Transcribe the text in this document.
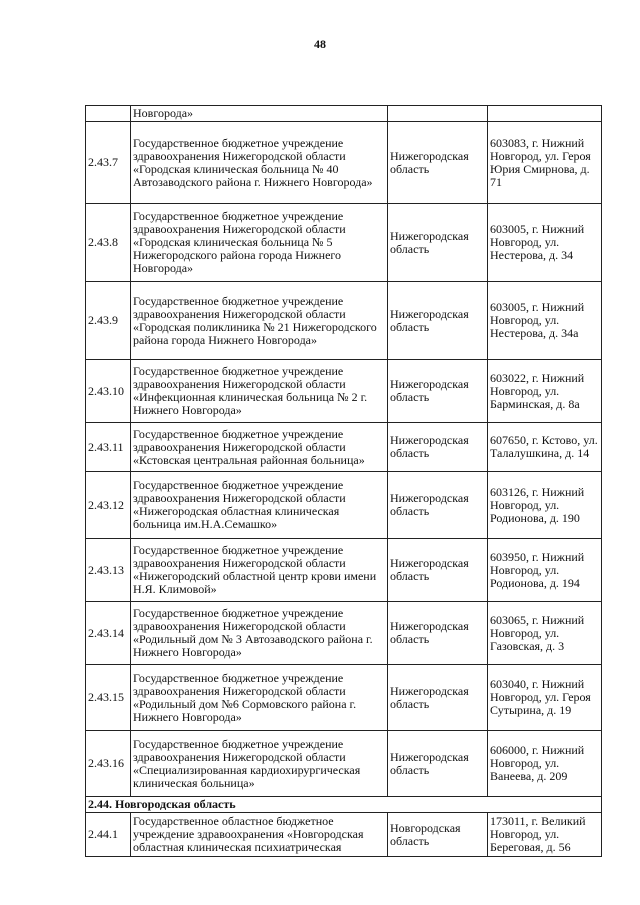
48
	Новгорода»		
2.43.7	Государственное бюджетное учреждение здравоохранения Нижегородской области «Городская клиническая больница № 40 Автозаводского района г. Нижнего Новгорода»	Нижегородская область	603083, г. Нижний Новгород, ул. Героя Юрия Смирнова, д. 71
2.43.8	Государственное бюджетное учреждение здравоохранения Нижегородской области «Городская клиническая больница № 5 Нижегородского района города Нижнего Новгорода»	Нижегородская область	603005, г. Нижний Новгород, ул. Нестерова, д. 34
2.43.9	Государственное бюджетное учреждение здравоохранения Нижегородской области «Городская поликлиника № 21 Нижегородского района города Нижнего Новгорода»	Нижегородская область	603005, г. Нижний Новгород, ул. Нестерова, д. 34а
2.43.10	Государственное бюджетное учреждение здравоохранения Нижегородской области «Инфекционная клиническая больница № 2 г. Нижнего Новгорода»	Нижегородская область	603022, г. Нижний Новгород, ул. Барминская, д. 8а
2.43.11	Государственное бюджетное учреждение здравоохранения Нижегородской области «Кстовская центральная районная больница»	Нижегородская область	607650, г. Кстово, ул. Талалушкина, д. 14
2.43.12	Государственное бюджетное учреждение здравоохранения Нижегородской области «Нижегородская областная клиническая больница им.Н.А.Семашко»	Нижегородская область	603126, г. Нижний Новгород, ул. Родионова, д. 190
2.43.13	Государственное бюджетное учреждение здравоохранения Нижегородской области «Нижегородский областной центр крови имени Н.Я. Климовой»	Нижегородская область	603950, г. Нижний Новгород, ул. Родионова, д. 194
2.43.14	Государственное бюджетное учреждение здравоохранения Нижегородской области «Родильный дом № 3 Автозаводского района г. Нижнего Новгорода»	Нижегородская область	603065, г. Нижний Новгород, ул. Газовская, д. 3
2.43.15	Государственное бюджетное учреждение здравоохранения Нижегородской области «Родильный дом №6 Сормовского района г. Нижнего Новгорода»	Нижегородская область	603040, г. Нижний Новгород, ул. Героя Сутырина, д. 19
2.43.16	Государственное бюджетное учреждение здравоохранения Нижегородской области «Специализированная кардиохирургическая клиническая больница»	Нижегородская область	606000, г. Нижний Новгород, ул. Ванеева, д. 209
2.44. Новгородская область			
2.44.1	Государственное областное бюджетное учреждение здравоохранения «Новгородская областная клиническая психиатрическая	Новгородская область	173011, г. Великий Новгород, ул. Береговая, д. 56
